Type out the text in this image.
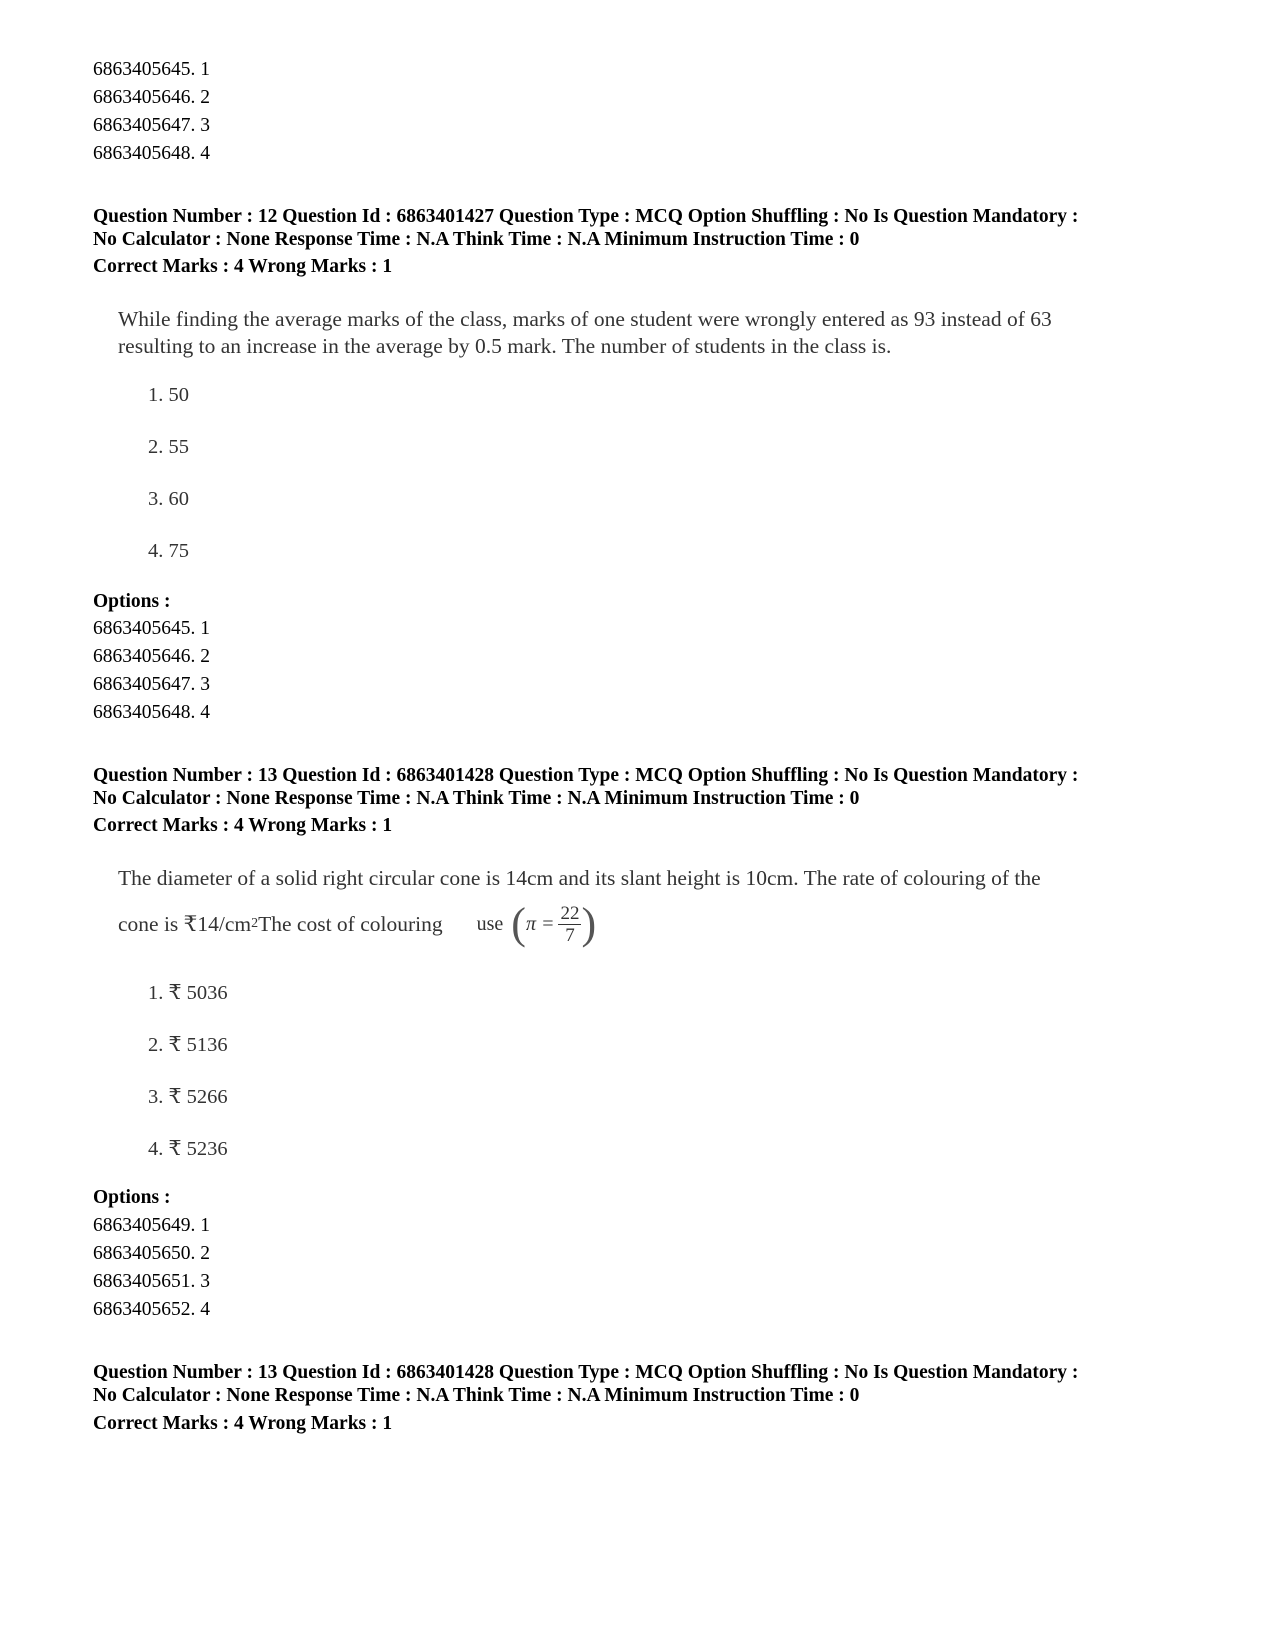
6863405645. 1
6863405646. 2
6863405647. 3
6863405648. 4
Question Number : 12 Question Id : 6863401427 Question Type : MCQ Option Shuffling : No Is Question Mandatory :
No Calculator : None Response Time : N.A Think Time : N.A Minimum Instruction Time : 0
Correct Marks : 4 Wrong Marks : 1
While finding the average marks of the class, marks of one student were wrongly entered as 93 instead of 63
resulting to an increase in the average by 0.5 mark. The number of students in the class is.
1. 50
2. 55
3. 60
4. 75
Options :
6863405645. 1
6863405646. 2
6863405647. 3
6863405648. 4
Question Number : 13 Question Id : 6863401428 Question Type : MCQ Option Shuffling : No Is Question Mandatory :
No Calculator : None Response Time : N.A Think Time : N.A Minimum Instruction Time : 0
Correct Marks : 4 Wrong Marks : 1
The diameter of a solid right circular cone is 14cm and its slant height is 10cm. The rate of colouring of the
cone is ₹14/cm 2 The cost of colouring use ( $\pi = \frac{22}{7}$ )
1. ₹ 5036
2. ₹ 5136
3. ₹ 5266
4. ₹ 5236
Options :
6863405649. 1
6863405650. 2
6863405651. 3
6863405652. 4
Question Number : 13 Question Id : 6863401428 Question Type : MCQ Option Shuffling : No Is Question Mandatory :
No Calculator : None Response Time : N.A Think Time : N.A Minimum Instruction Time : 0
Correct Marks : 4 Wrong Marks : 1
